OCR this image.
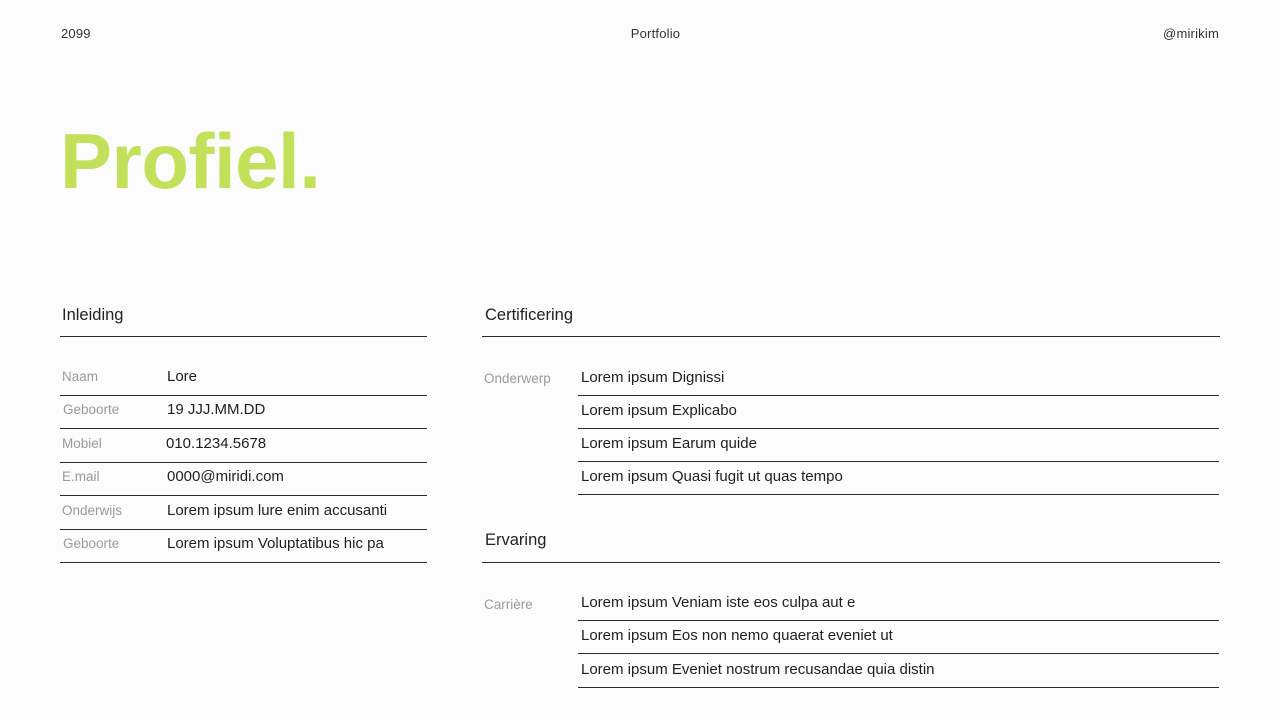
2099	Portfolio	@mirikim
Profiel.
Inleiding
Naam	Lore
Geboorte	19 JJJ.MM.DD
Mobiel	010.1234.5678
E.mail	0000@miridi.com
Onderwijs	Lorem ipsum lure enim accusanti
Geboorte	Lorem ipsum Voluptatibus hic pa
Certificering
Onderwerp Lorem ipsum Dignissi
Lorem ipsum Explicabo
Lorem ipsum Earum quide
Lorem ipsum Quasi fugit ut quas tempo
Ervaring
Carrière	Lorem ipsum Veniam iste eos culpa aut e
Lorem ipsum Eos non nemo quaerat eveniet ut
Lorem ipsum Eveniet nostrum recusandae quia distin
